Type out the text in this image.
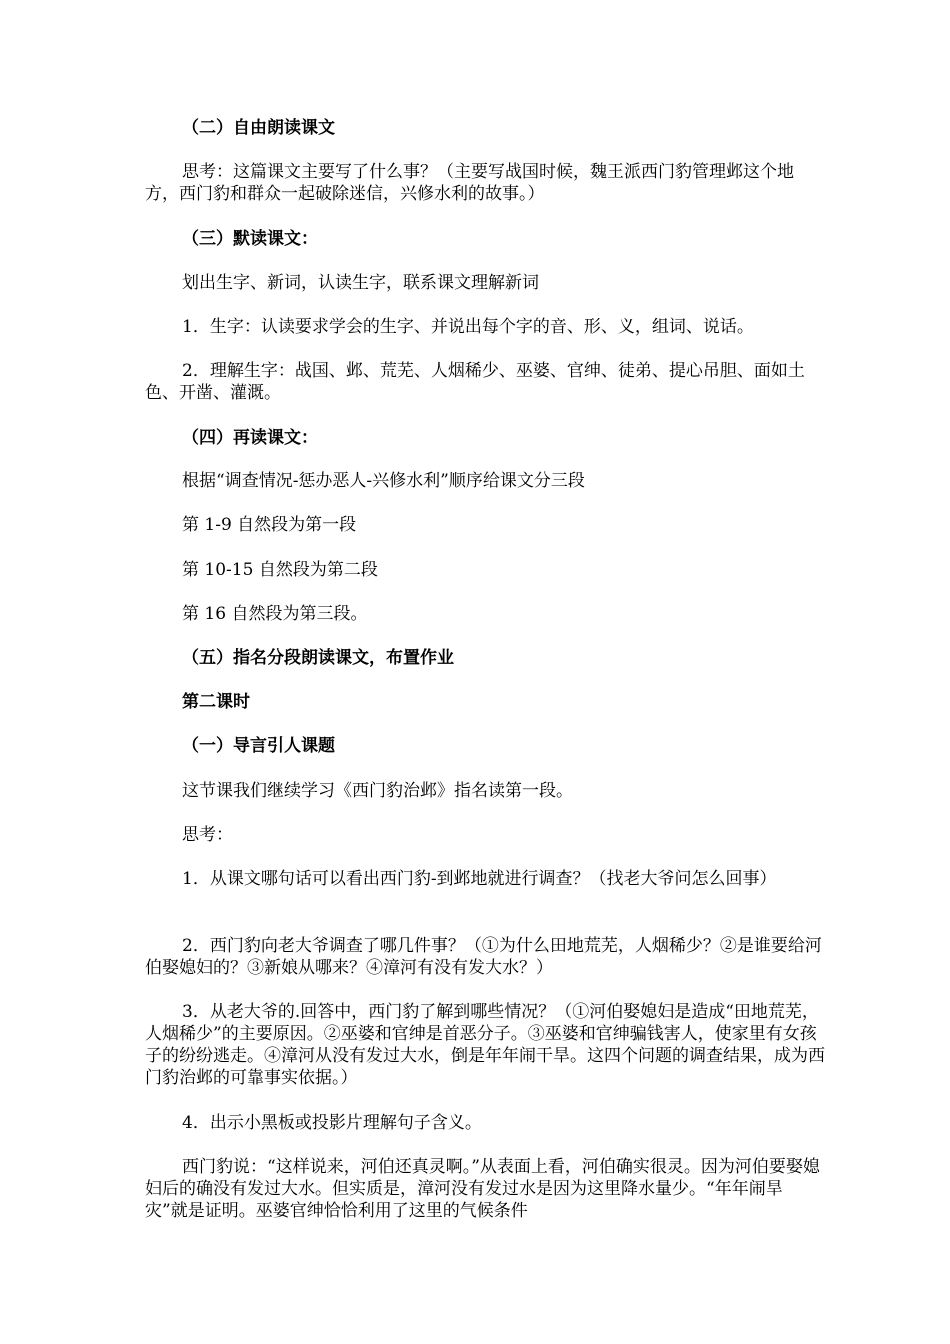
（二）自由朗读课文

思考：这篇课文主要写了什么事？（主要写战国时候，魏王派西门豹管理邺这个地方，西门豹和群众一起破除迷信，兴修水利的故事。）

（三）默读课文：

划出生字、新词，认读生字，联系课文理解新词

1．生字：认读要求学会的生字、并说出每个字的音、形、义，组词、说话。

2．理解生字：战国、邺、荒芜、人烟稀少、巫婆、官绅、徒弟、提心吊胆、面如土色、开凿、灌溉。

（四）再读课文：

根据“调查情况-惩办恶人-兴修水利”顺序给课文分三段

第 1-9 自然段为第一段

第 10-15 自然段为第二段

第 16 自然段为第三段。

（五）指名分段朗读课文，布置作业

第二课时

（一）导言引人课题

这节课我们继续学习《西门豹治邺》指名读第一段。

思考：

1．从课文哪句话可以看出西门豹-到邺地就进行调查？（找老大爷问怎么回事）

2．西门豹向老大爷调查了哪几件事？（①为什么田地荒芜，人烟稀少？②是谁要给河伯娶媳妇的？③新娘从哪来？④漳河有没有发大水？）

3．从老大爷的.回答中，西门豹了解到哪些情况？（①河伯娶媳妇是造成“田地荒芜，人烟稀少”的主要原因。②巫婆和官绅是首恶分子。③巫婆和官绅骗钱害人，使家里有女孩子的纷纷逃走。④漳河从没有发过大水，倒是年年闹干旱。这四个问题的调查结果，成为西门豹治邺的可靠事实依据。）

4．出示小黑板或投影片理解句子含义。

西门豹说：“这样说来，河伯还真灵啊。”从表面上看，河伯确实很灵。因为河伯要娶媳妇后的确没有发过大水。但实质是，漳河没有发过水是因为这里降水量少。“年年闹旱灾”就是证明。巫婆官绅恰恰利用了这里的气候条件
